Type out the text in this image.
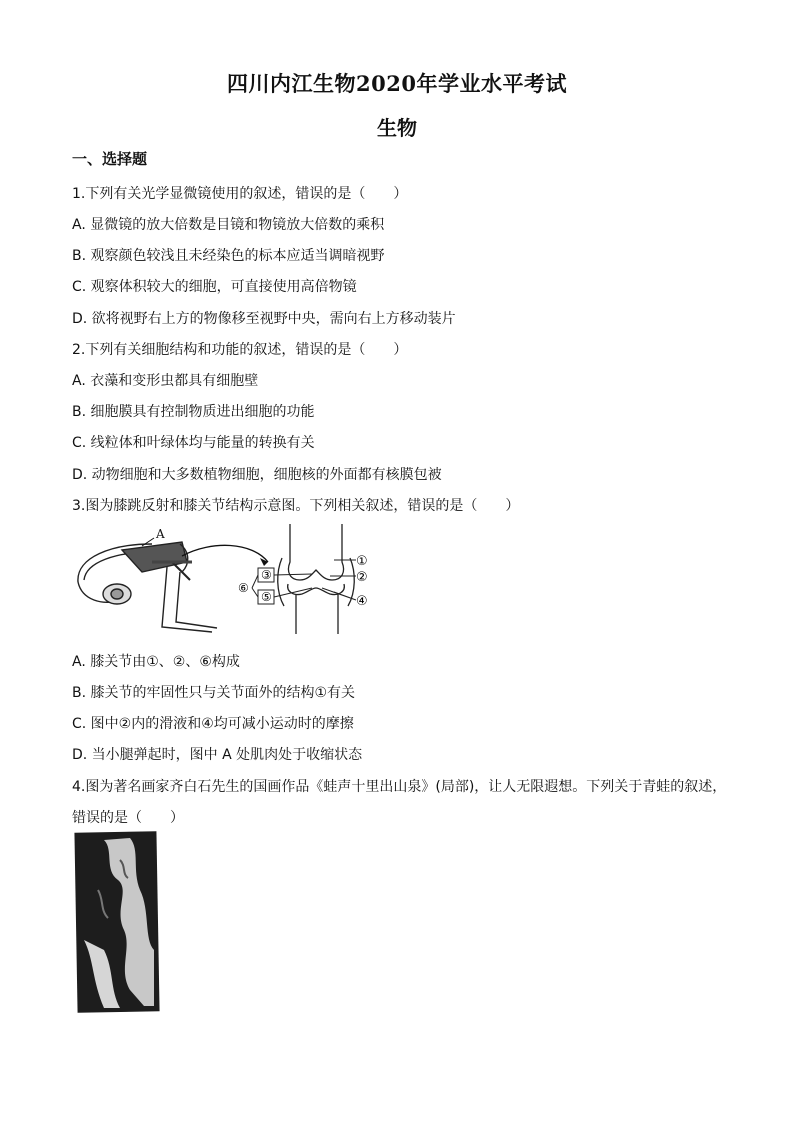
四川内江生物2020年学业水平考试
生物
一、选择题
1.下列有关光学显微镜使用的叙述，错误的是（　　）
A. 显微镜的放大倍数是目镜和物镜放大倍数的乘积
B. 观察颜色较浅且未经染色的标本应适当调暗视野
C. 观察体积较大的细胞，可直接使用高倍物镜
D. 欲将视野右上方的物像移至视野中央，需向右上方移动装片
2.下列有关细胞结构和功能的叙述，错误的是（　　）
A. 衣藻和变形虫都具有细胞壁
B. 细胞膜具有控制物质进出细胞的功能
C. 线粒体和叶绿体均与能量的转换有关
D. 动物细胞和大多数植物细胞，细胞核的外面都有核膜包被
3.图为膝跳反射和膝关节结构示意图。下列相关叙述，错误的是（　　）
A
③
⑤
⑥
①
②
④
A. 膝关节由①、②、⑥构成
B. 膝关节的牢固性只与关节面外的结构①有关
C. 图中②内的滑液和④均可减小运动时的摩擦
D. 当小腿弹起时，图中 A 处肌肉处于收缩状态
4.图为著名画家齐白石先生的国画作品《蛙声十里出山泉》(局部)，让人无限遐想。下列关于青蛙的叙述，
错误的是（　　）
